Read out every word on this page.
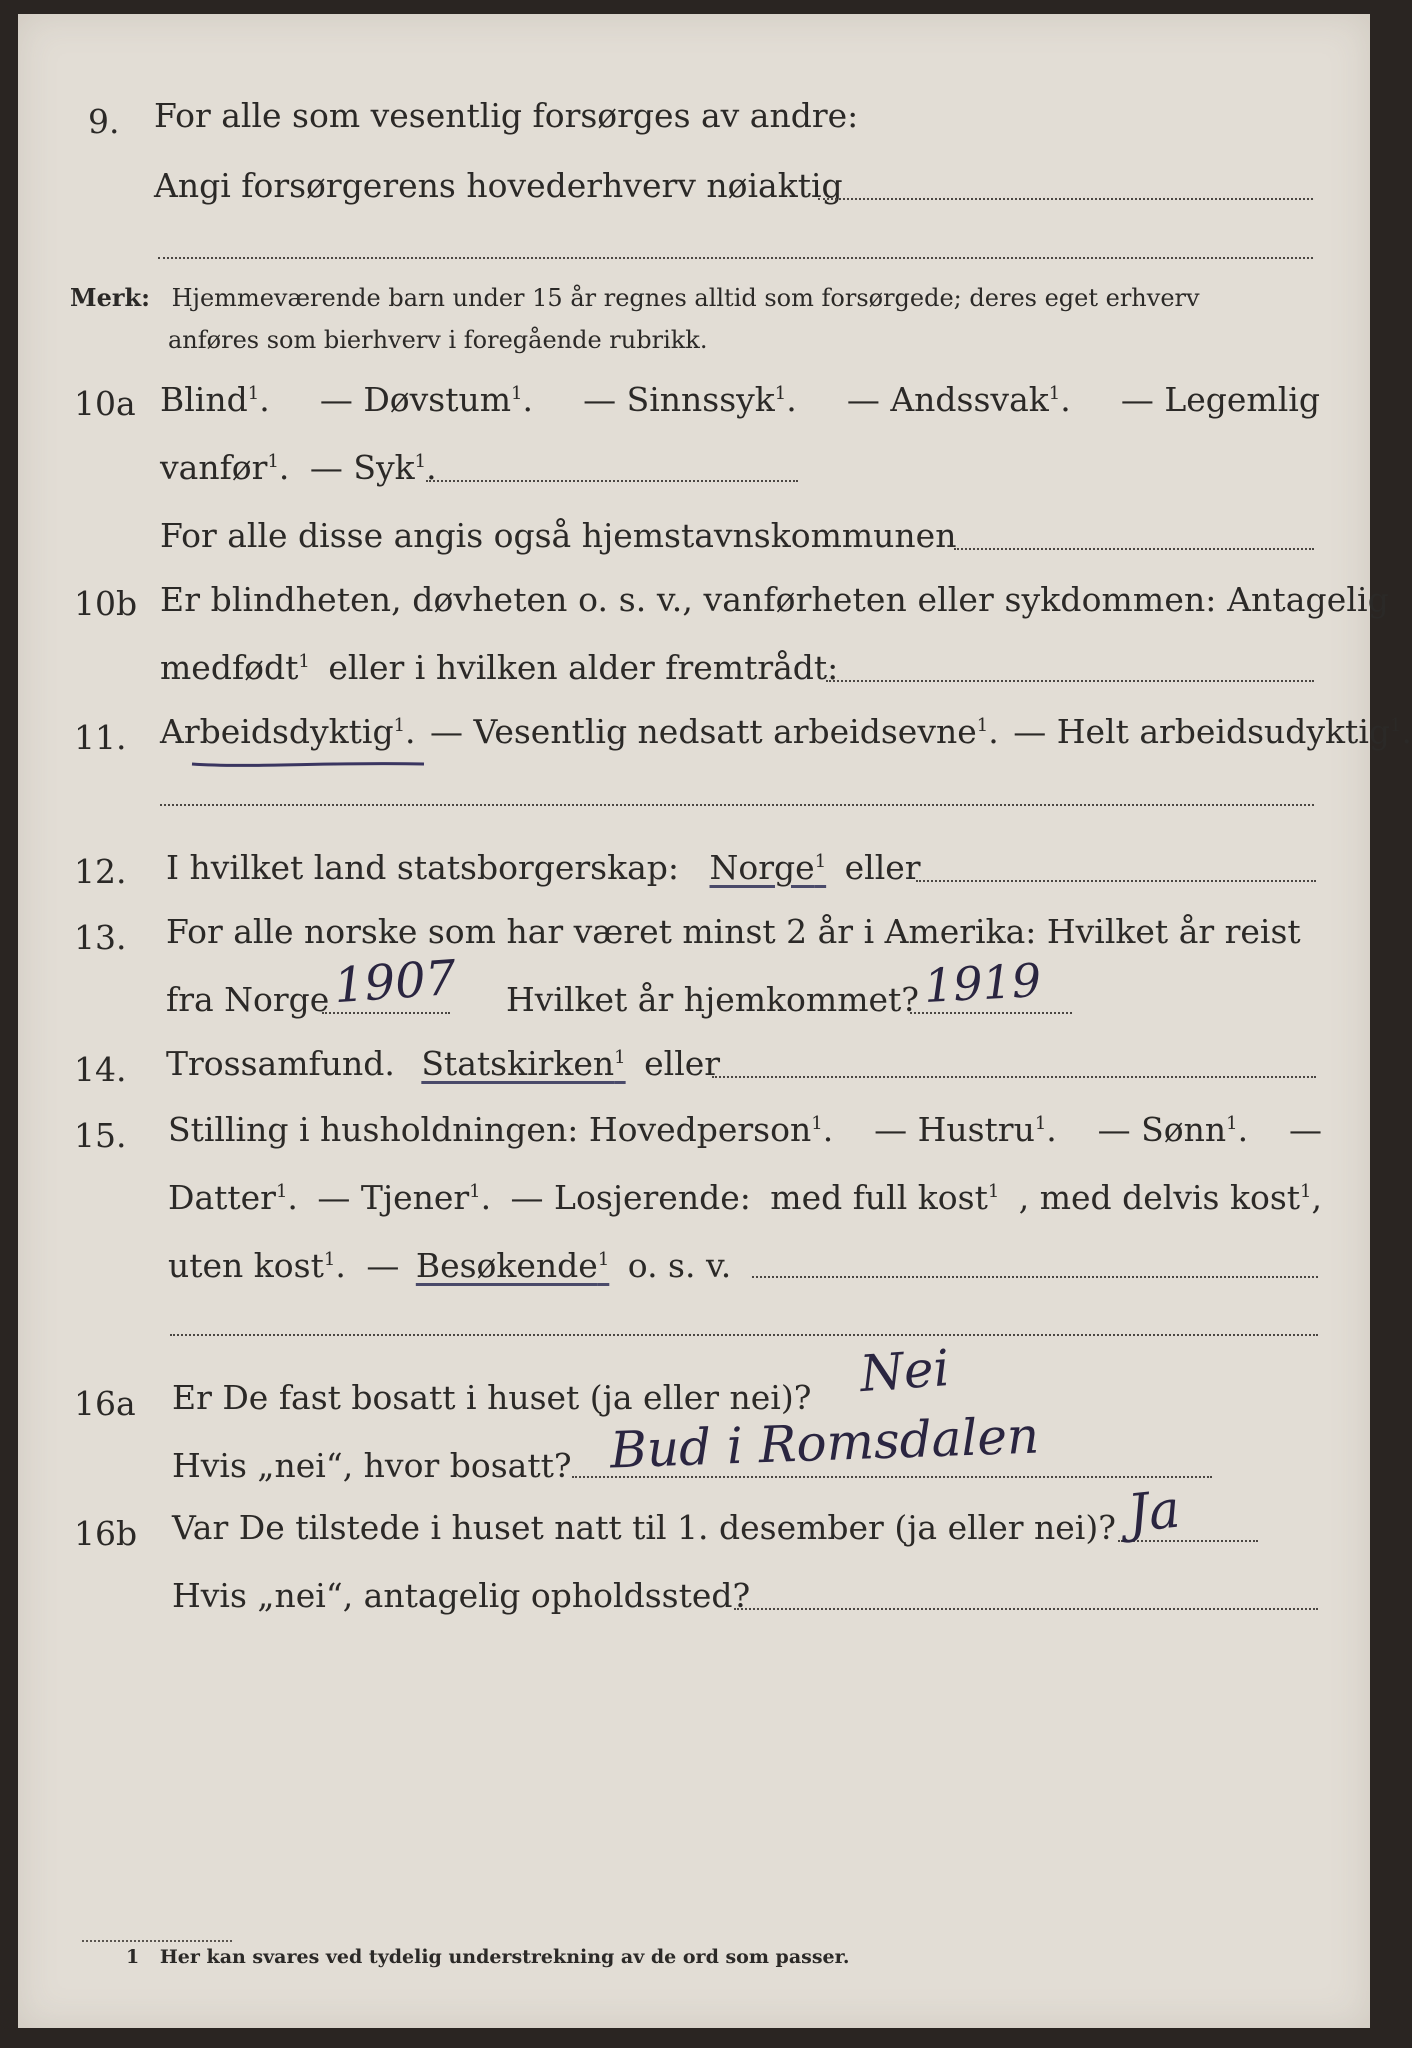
9. For alle som vesentlig forsørges av andre:
Angi forsørgerens hovederhverv nøiaktig
Merk: Hjemmeværende barn under 15 år regnes alltid som forsørgede; deres eget erhverv
anføres som bierhverv i foregående rubrikk.
10a Blind$^1$. — Døvstum$^1$. — Sinnssyk$^1$. — Andssvak$^1$. — Legemlig
vanfør$^1$. — Syk$^1$.
For alle disse angis også hjemstavnskommunen
10b Er blindheten, døvheten o. s. v., vanførheten eller sykdommen: Antagelig
medfødt$^1$ eller i hvilken alder fremtrådt:
11. Arbeidsdyktig$^1$. — Vesentlig nedsatt arbeidsevne$^1$. — Helt arbeidsudyktig$^1$.
12. I hvilket land statsborgerskap: Norge$^1$ eller
13. For alle norske som har været minst 2 år i Amerika: Hvilket år reist
fra Norge 1907 Hvilket år hjemkommet? 1919
14. Trossamfund. Statskirken$^1$ eller
15. Stilling i husholdningen: Hovedperson$^1$. — Hustru$^1$. — Sønn$^1$. —
Datter$^1$. — Tjener$^1$. — Losjerende: med full kost$^1$ , med delvis kost$^1$,
uten kost$^1$. — Besøkende$^1$ o. s. v.
16a Er De fast bosatt i huset (ja eller nei)? Nei
Hvis „nei“, hvor bosatt? Bud i Romsdalen
16b Var De tilstede i huset natt til 1. desember (ja eller nei)? Ja
Hvis „nei“, antagelig opholdssted?
1 Her kan svares ved tydelig understrekning av de ord som passer.
